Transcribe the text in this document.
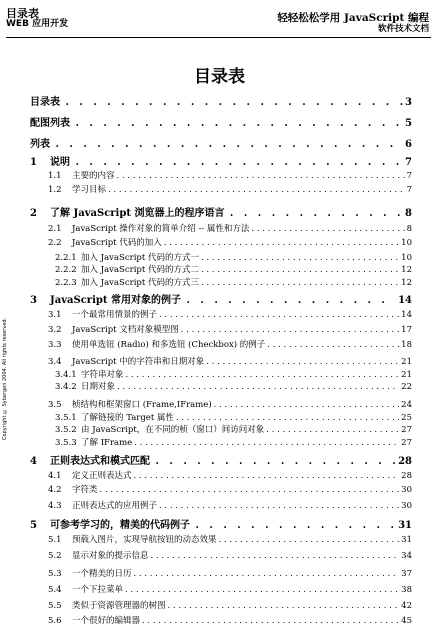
目录表
WEB 应用开发	轻轻松松学用 JavaScript 编程
软件技术文档
Copyright © Sybergen 2004. All rights reserved.
目录表
目录表 . .	3
配图列表 . .	5
列表 . .	6
1	说明 . .	7
1.1	主要的内容 . . .	7
1.2	学习目标 . . .	7
2	了解 JavaScript 浏览器上的程序语言 . .	8
2.1	JavaScript 操作对象的简单介绍 -- 属性和方法 . . .	8
2.2	JavaScript 代码的加入 . . .	10
2.2.1 加入 JavaScript 代码的方式一 . . .	10
2.2.2 加入 JavaScript 代码的方式二 . . .	12
2.2.3 加入 JavaScript 代码的方式三 . . .	12
3	JavaScript 常用对象的例子 . .	14
3.1	一个最常用情景的例子 . . .	14
3.2	JavaScript 文档对象模型图 . . .	17
3.3	使用单选钮 (Radio) 和多选钮 (Checkbox) 的例子 . . .	18
3.4	JavaScript 中的字符串和日期对象 . . .	21
3.4.1 字符串对象 . . .	21
3.4.2 日期对象 . . .	22
3.5	桢结构和框架窗口 (Frame,IFrame) . . .	24
3.5.1 了解链接的 Target 属性 . . .	25
3.5.2 由 JavaScript，在不同的桢（窗口）间访问对象 . . .	27
3.5.3 了解 IFrame . . .	27
4	正则表达式和模式匹配 . .	28
4.1	定义正则表达式 . . .	28
4.2	字符类 . . .	30
4.3	正则表达式的应用例子 . . .	30
5	可参考学习的，精美的代码例子 . .	31
5.1	预载入图片，实现导航按钮的动态效果 . . .	31
5.2	显示对象的提示信息 . . .	34
5.3	一个精美的日历 . . .	37
5.4	一个下拉菜单 . . .	38
5.5	类似于资源管理器的树图 . . .	42
5.6	一个很好的编辑器 . . .	45
